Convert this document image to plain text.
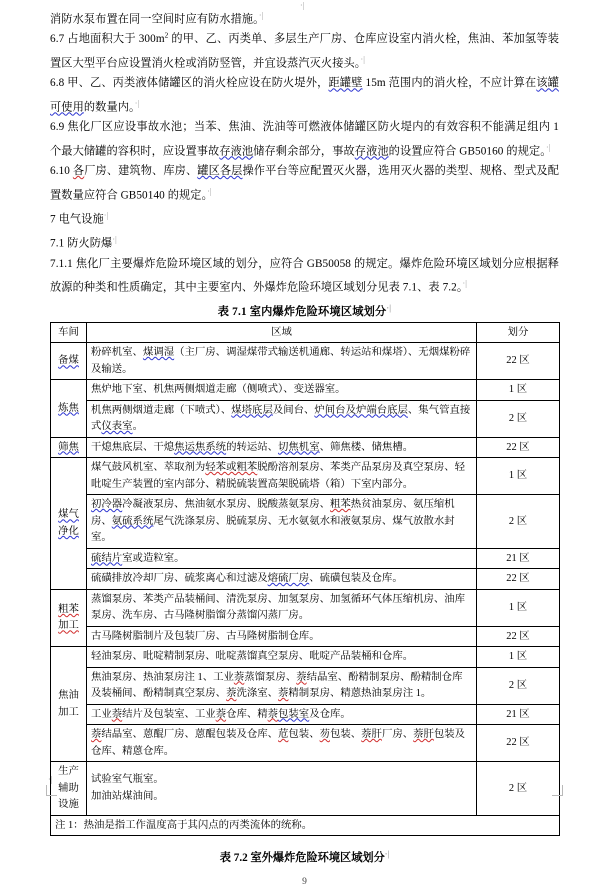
·|

消防水泵布置在同一空间时应有防水措施。·|

6.7 占地面积大于 $300m^2$ 的甲、乙、丙类单、多层生产厂房、仓库应设室内消火栓，焦油、苯加氢等装置区大型平台应设置消火栓或消防竖管，并宜设蒸汽灭火接头。·|

6.8 甲、乙、丙类液体储罐区的消火栓应设在防火堤外，距罐壁 15m 范围内的消火栓，不应计算在该罐可使用的数量内。·|

6.9 焦化厂区应设事故水池；当苯、焦油、洗油等可燃液体储罐区防火堤内的有效容积不能满足组内 1 个最大储罐的容积时，应设置事故存液池储存剩余部分，事故存液池的设置应符合 GB50160 的规定。·|

6.10 各厂房、建筑物、库房、罐区各层操作平台等应配置灭火器，选用灭火器的类型、规格、型式及配置数量应符合 GB50140 的规定。·|

7 电气设施·|

7.1 防火防爆·|

7.1.1 焦化厂主要爆炸危险环境区域的划分，应符合 GB50058 的规定。爆炸危险环境区域划分应根据释放源的种类和性质确定，其中主要室内、外爆炸危险环境区域划分见表 7.1、表 7.2。·|

表 7.1 室内爆炸危险环境区域划分·|
车间	区域	划分
备煤	粉碎机室、煤调湿（主厂房、调湿煤带式输送机通廊、转运站和煤塔）、无烟煤粉碎及输送。	22 区
炼焦	焦炉地下室、机焦两侧烟道走廊（侧喷式）、变送器室。	1 区
	机焦两侧烟道走廊（下喷式）、煤塔底层及间台、炉间台及炉端台底层、集气管直接式仪表室。	2 区
筛焦	干熄焦底层、干熄焦运焦系统的转运站、切焦机室、筛焦楼、储焦槽。	22 区
煤气净化	煤气鼓风机室、萃取剂为轻苯或粗苯脱酚溶剂泵房、苯类产品泵房及真空泵房、轻吡啶生产装置的室内部分、精脱硫装置高架脱硫塔（箱）下室内部分。	1 区
	初冷器冷凝液泵房、焦油氨水泵房、脱酸蒸氨泵房、粗苯热贫油泵房、氨压缩机房、氨硫系统尾气洗涤泵房、脱硫泵房、无水氨氨水和液氨泵房、煤气放散水封室。	2 区
	硫结片室或造粒室。	21 区
	硫磺排放冷却厂房、硫浆离心和过滤及熔硫厂房、硫磺包装及仓库。	22 区
粗苯加工	蒸馏泵房、苯类产品装桶间、清洗泵房、加氢泵房、加氢循环气体压缩机房、油库泵房、洗车房、古马隆树脂馏分蒸馏闪蒸厂房。	1 区
	古马隆树脂制片及包装厂房、古马隆树脂制仓库。	22 区
焦油加工	轻油泵房、吡啶精制泵房、吡啶蒸馏真空泵房、吡啶产品装桶和仓库。	1 区
	焦油泵房、热油泵房注 1、工业萘蒸馏泵房、萘结晶室、酚精制泵房、酚精制仓库及装桶间、酚精制真空泵房、萘洗涤室、萘精制泵房、精蒽热油泵房注 1。	2 区
	工业萘结片及包装室、工业萘仓库、精萘包装室及仓库。	21 区
	萘结晶室、蒽醌厂房、蒽醌包装及仓库、苊包装、芴包装、萘肝厂房、萘肝包装及仓库、精蒽仓库。	22 区
生产辅助设施	试验室气瓶室。
加油站煤油间。	2 区
注 1：热油是指工作温度高于其闪点的丙类流体的统称。		
表 7.2 室外爆炸危险环境区域划分·|
9
·|
